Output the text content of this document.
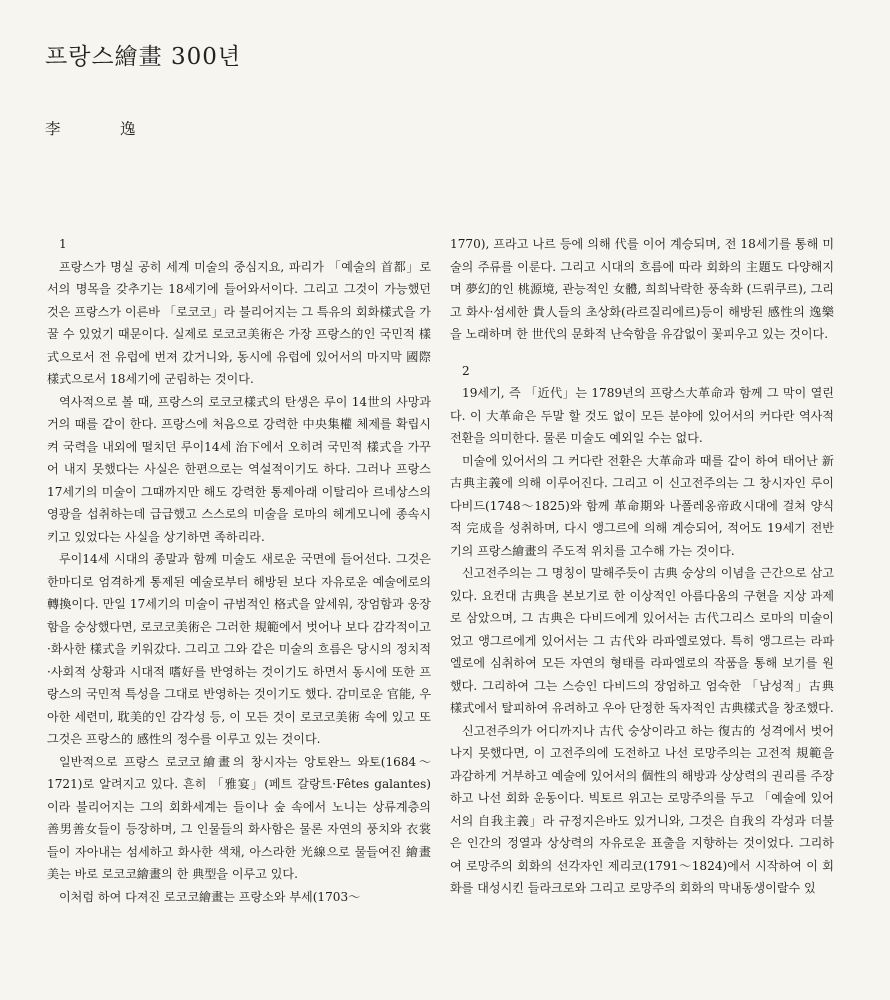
프랑스繪畫 300년
李　逸
1

프랑스가 명실 공히 세계 미술의 중심지요, 파리가 「예술의 首都」로서의 명목을 갖추기는 18세기에 들어와서이다. 그리고 그것이 가능했던 것은 프랑스가 이른바 「로코코」라 불리어지는 그 특유의 회화樣式을 가꿀 수 있었기 때문이다. 실제로 로코코美術은 가장 프랑스的인 국민적 樣式으로서 전 유럽에 번져 갔거니와, 동시에 유럽에 있어서의 마지막 國際樣式으로서 18세기에 군림하는 것이다.

역사적으로 볼 때, 프랑스의 로코코樣式의 탄생은 루이 14世의 사망과 거의 때를 같이 한다. 프랑스에 처음으로 강력한 中央集權 체제를 확립시켜 국력을 내외에 떨치던 루이14세 治下에서 오히려 국민적 樣式을 가꾸어 내지 못했다는 사실은 한편으로는 역설적이기도 하다. 그러나 프랑스 17세기의 미술이 그때까지만 해도 강력한 통제아래 이탈리아 르네상스의 영광을 섭취하는데 급급했고 스스로의 미술을 로마의 헤게모니에 종속시키고 있었다는 사실을 상기하면 족하리라.

루이14세 시대의 종말과 함께 미술도 새로운 국면에 들어선다. 그것은 한마디로 엄격하게 통제된 예술로부터 해방된 보다 자유로운 예술에로의 轉換이다. 만일 17세기의 미술이 규범적인 格式을 앞세워, 장엄함과 웅장함을 숭상했다면, 로코코美術은 그러한 規範에서 벗어나 보다 감각적이고·화사한 樣式을 키워갔다. 그리고 그와 같은 미술의 흐름은 당시의 정치적·사회적 상황과 시대적 嗜好를 반영하는 것이기도 하면서 동시에 또한 프랑스의 국민적 특성을 그대로 반영하는 것이기도 했다. 감미로운 官能, 우아한 세련미, 耽美的인 감각성 등, 이 모든 것이 로코코美術 속에 있고 또 그것은 프랑스的 感性의 정수를 이루고 있는 것이다.

일반적으로 프랑스 로코코繪畫의 창시자는 앙토완느 와토(1684～1721)로 알려지고 있다. 흔히 「雅宴」(페트 갈랑트·Fêtes galantes)이라 불리어지는 그의 회화세계는 들이나 숲 속에서 노니는 상류계층의 善男善女들이 등장하며, 그 인물들의 화사함은 물론 자연의 풍치와 衣裳들이 자아내는 섬세하고 화사한 색채, 아스라한 光線으로 물들여진 繪畫美는 바로 로코코繪畫의 한 典型을 이루고 있다.

이처럼 하여 다져진 로코코繪畫는 프랑소와 부세(1703～

1770), 프라고 나르 등에 의해 代를 이어 계승되며, 전 18세기를 통해 미술의 주류를 이룬다. 그리고 시대의 흐름에 따라 회화의 主題도 다양해지며 夢幻的인 桃源境, 관능적인 女體, 희희낙락한 풍속화 (드뤼쿠르), 그리고 화사·섬세한 貴人들의 초상화(라르질리에르)등이 해방된 感性의 逸樂을 노래하며 한 世代의 문화적 난숙함을 유감없이 꽃피우고 있는 것이다.

2

19세기, 즉 「近代」는 1789년의 프랑스大革命과 함께 그 막이 열린다. 이 大革命은 두말 할 것도 없이 모든 분야에 있어서의 커다란 역사적 전환을 의미한다. 물론 미술도 예외일 수는 없다.

미술에 있어서의 그 커다란 전환은 大革命과 때를 같이 하여 태어난 新古典主義에 의해 이루어진다. 그리고 이 신고전주의는 그 창시자인 루이 다비드(1748～1825)와 함께 革命期와 나폴레옹帝政시대에 걸쳐 양식적 完成을 성취하며, 다시 앵그르에 의해 계승되어, 적어도 19세기 전반기의 프랑스繪畫의 주도적 위치를 고수해 가는 것이다.

신고전주의는 그 명칭이 말해주듯이 古典 숭상의 이념을 근간으로 삼고 있다. 요컨대 古典을 본보기로 한 이상적인 아름다움의 구현을 지상 과제로 삼았으며, 그 古典은 다비드에게 있어서는 古代그리스 로마의 미술이었고 앵그르에게 있어서는 그 古代와 라파엘로였다. 특히 앵그르는 라파엘로에 심취하여 모든 자연의 형태를 라파엘로의 작품을 통해 보기를 원했다. 그리하여 그는 스승인 다비드의 장엄하고 엄숙한 「남성적」古典 樣式에서 탈피하여 유려하고 우아 단정한 독자적인 古典樣式을 창조했다.

신고전주의가 어디까지나 古代 숭상이라고 하는 復古的 성격에서 벗어나지 못했다면, 이 고전주의에 도전하고 나선 로망주의는 고전적 規範을 과감하게 거부하고 예술에 있어서의 個性의 해방과 상상력의 권리를 주장하고 나선 회화 운동이다. 빅토르 위고는 로망주의를 두고 「예술에 있어서의 自我主義」라 규정지은바도 있거니와, 그것은 自我의 각성과 더불은 인간의 정열과 상상력의 자유로운 표출을 지향하는 것이었다. 그리하여 로망주의 회화의 선각자인 제리코(1791～1824)에서 시작하여 이 회화를 대성시킨 들라크로와 그리고 로망주의 회화의 막내동생이랄수 있
